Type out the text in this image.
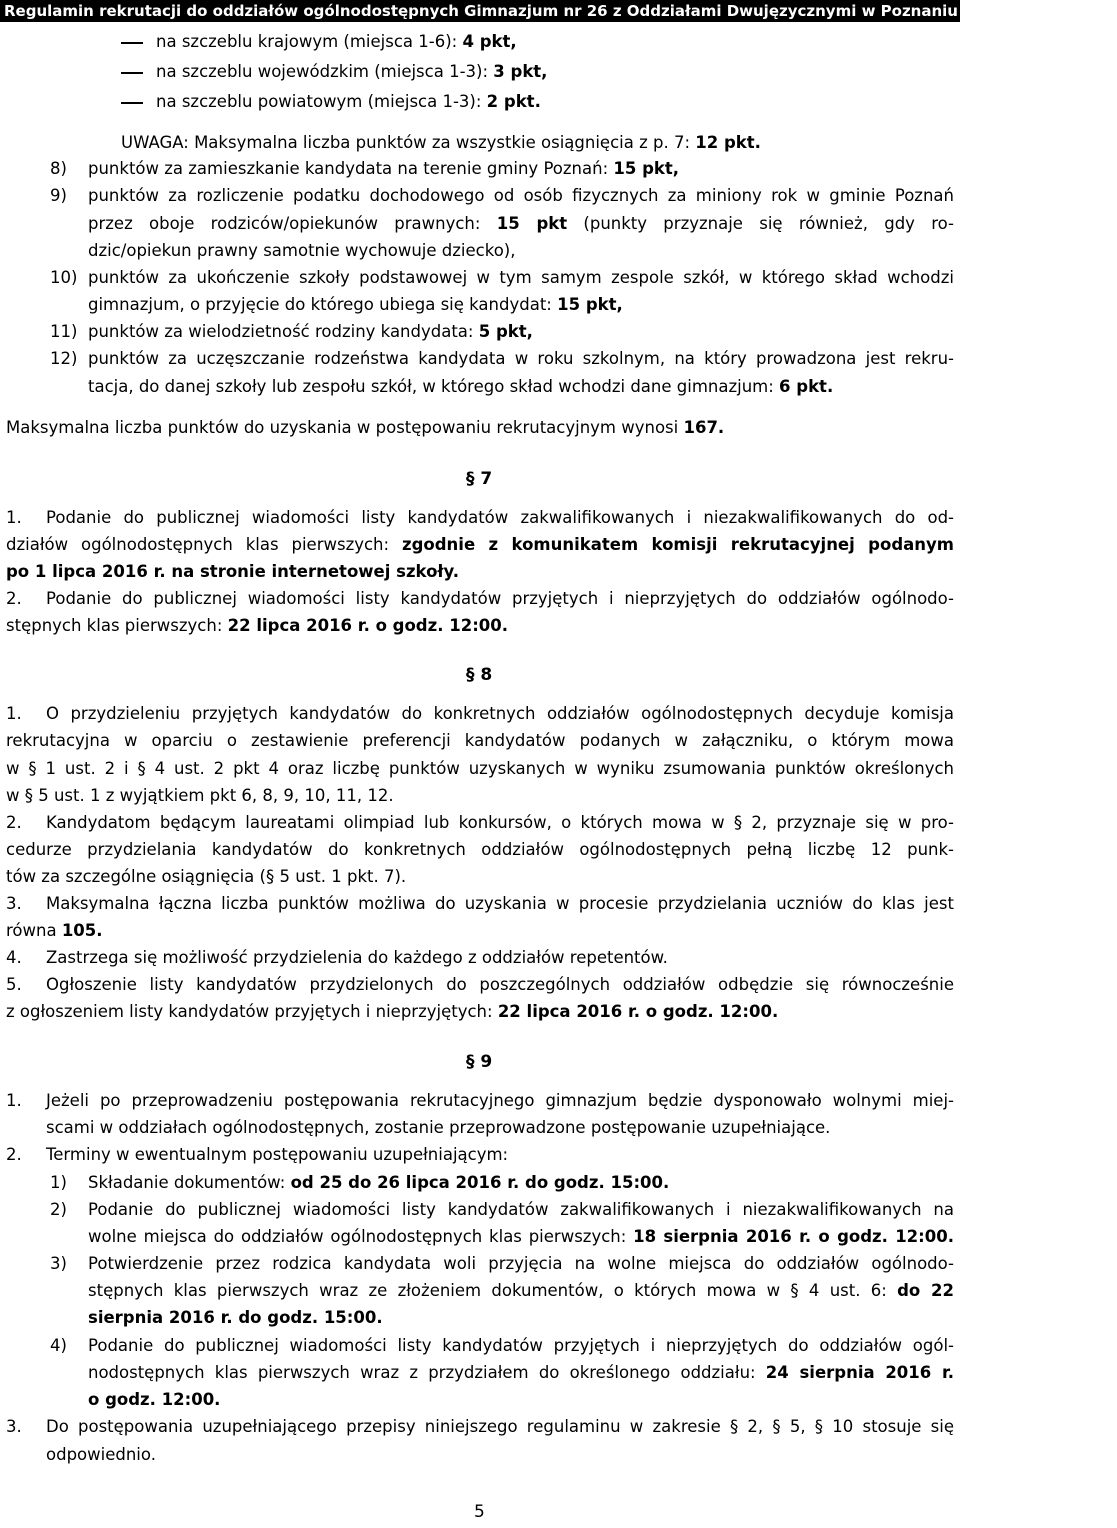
Regulamin rekrutacji do oddziałów ogólnodostępnych Gimnazjum nr 26 z Oddziałami Dwujęzycznymi w Poznaniu na rok 2016/2017.
na szczeblu krajowym (miejsca 1-6): 4 pkt,
na szczeblu wojewódzkim (miejsca 1-3): 3 pkt,
na szczeblu powiatowym (miejsca 1-3): 2 pkt.
UWAGA: Maksymalna liczba punktów za wszystkie osiągnięcia z p. 7: 12 pkt.
8) punktów za zamieszkanie kandydata na terenie gminy Poznań: 15 pkt,
9) punktów za rozliczenie podatku dochodowego od osób fizycznych za miniony rok w gminie Poznań
przez oboje rodziców/opiekunów prawnych: 15 pkt (punkty przyznaje się również, gdy ro-
dzic/opiekun prawny samotnie wychowuje dziecko),
10) punktów za ukończenie szkoły podstawowej w tym samym zespole szkół, w którego skład wchodzi
gimnazjum, o przyjęcie do którego ubiega się kandydat: 15 pkt,
11) punktów za wielodzietność rodziny kandydata: 5 pkt,
12) punktów za uczęszczanie rodzeństwa kandydata w roku szkolnym, na który prowadzona jest rekru-
tacja, do danej szkoły lub zespołu szkół, w którego skład wchodzi dane gimnazjum: 6 pkt.
Maksymalna liczba punktów do uzyskania w postępowaniu rekrutacyjnym wynosi 167.
§ 7
1. Podanie do publicznej wiadomości listy kandydatów zakwalifikowanych i niezakwalifikowanych do od-
działów ogólnodostępnych klas pierwszych: zgodnie z komunikatem komisji rekrutacyjnej podanym
po 1 lipca 2016 r. na stronie internetowej szkoły.
2. Podanie do publicznej wiadomości listy kandydatów przyjętych i nieprzyjętych do oddziałów ogólnodo-
stępnych klas pierwszych: 22 lipca 2016 r. o godz. 12:00.
§ 8
1. O przydzieleniu przyjętych kandydatów do konkretnych oddziałów ogólnodostępnych decyduje komisja
rekrutacyjna w oparciu o zestawienie preferencji kandydatów podanych w załączniku, o którym mowa
w § 1 ust. 2 i § 4 ust. 2 pkt 4 oraz liczbę punktów uzyskanych w wyniku zsumowania punktów określonych
w § 5 ust. 1 z wyjątkiem pkt 6, 8, 9, 10, 11, 12.
2. Kandydatom będącym laureatami olimpiad lub konkursów, o których mowa w § 2, przyznaje się w pro-
cedurze przydzielania kandydatów do konkretnych oddziałów ogólnodostępnych pełną liczbę 12 punk-
tów za szczególne osiągnięcia (§ 5 ust. 1 pkt. 7).
3. Maksymalna łączna liczba punktów możliwa do uzyskania w procesie przydzielania uczniów do klas jest
równa 105.
4. Zastrzega się możliwość przydzielenia do każdego z oddziałów repetentów.
5. Ogłoszenie listy kandydatów przydzielonych do poszczególnych oddziałów odbędzie się równocześnie
z ogłoszeniem listy kandydatów przyjętych i nieprzyjętych: 22 lipca 2016 r. o godz. 12:00.
§ 9
1. Jeżeli po przeprowadzeniu postępowania rekrutacyjnego gimnazjum będzie dysponowało wolnymi miej-
scami w oddziałach ogólnodostępnych, zostanie przeprowadzone postępowanie uzupełniające.
2. Terminy w ewentualnym postępowaniu uzupełniającym:
1) Składanie dokumentów: od 25 do 26 lipca 2016 r. do godz. 15:00.
2) Podanie do publicznej wiadomości listy kandydatów zakwalifikowanych i niezakwalifikowanych na
wolne miejsca do oddziałów ogólnodostępnych klas pierwszych: 18 sierpnia 2016 r. o godz. 12:00.
3) Potwierdzenie przez rodzica kandydata woli przyjęcia na wolne miejsca do oddziałów ogólnodo-
stępnych klas pierwszych wraz ze złożeniem dokumentów, o których mowa w § 4 ust. 6: do 22
sierpnia 2016 r. do godz. 15:00.
4) Podanie do publicznej wiadomości listy kandydatów przyjętych i nieprzyjętych do oddziałów ogól-
nodostępnych klas pierwszych wraz z przydziałem do określonego oddziału: 24 sierpnia 2016 r.
o godz. 12:00.
3. Do postępowania uzupełniającego przepisy niniejszego regulaminu w zakresie § 2, § 5, § 10 stosuje się
odpowiednio.
5
